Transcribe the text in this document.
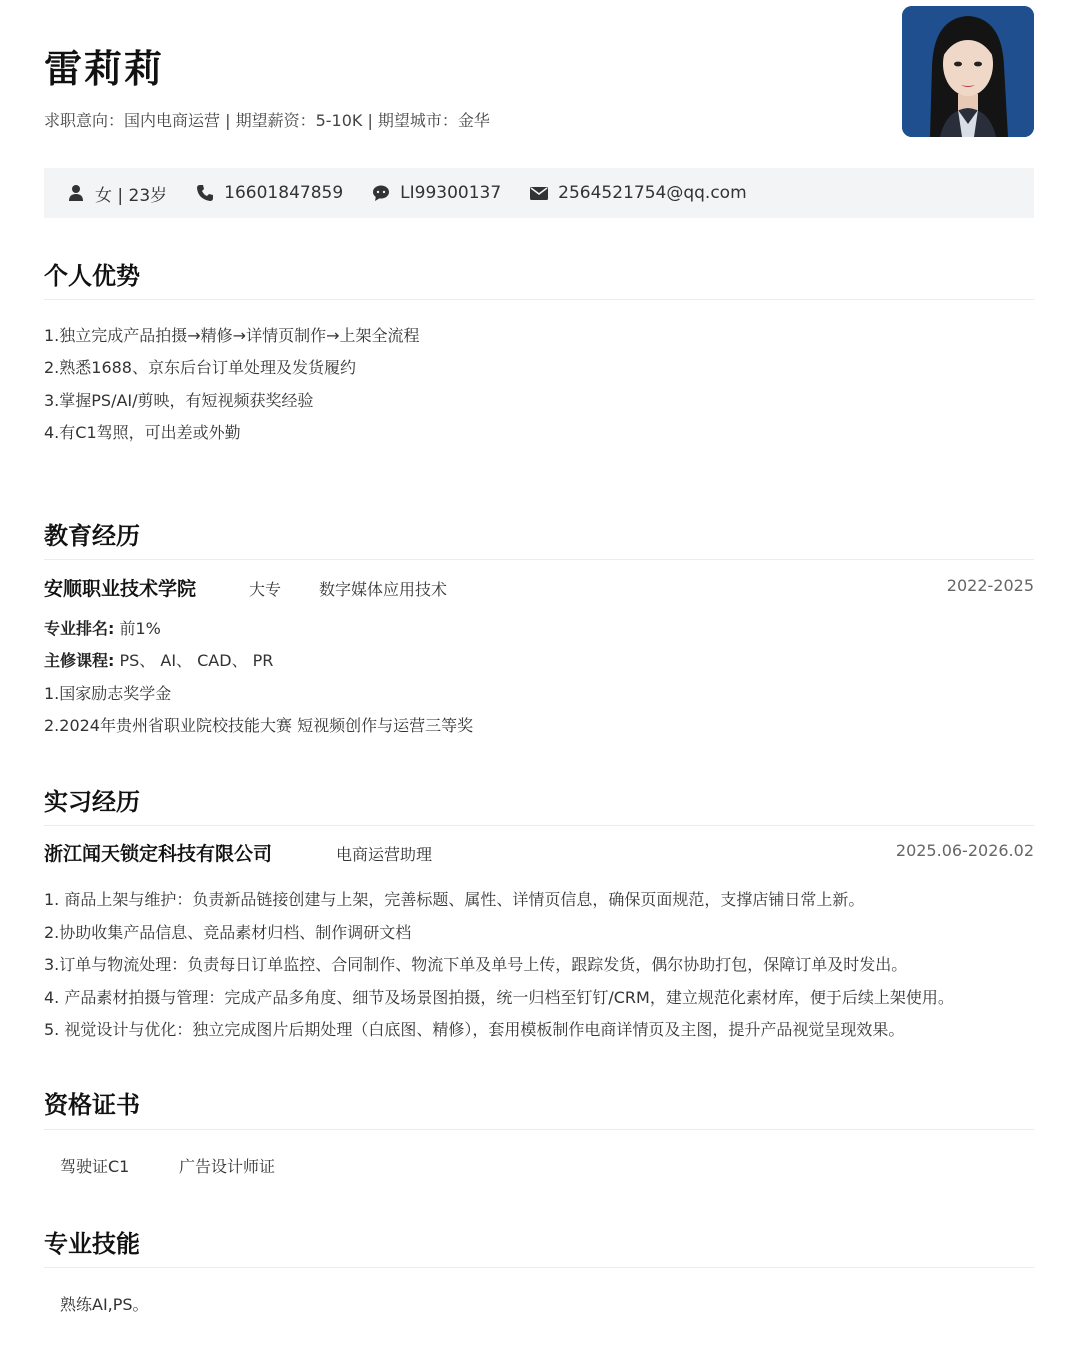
雷莉莉
求职意向：国内电商运营 | 期望薪资：5-10K | 期望城市：金华
女 | 23岁	16601847859	LI99300137	2564521754@qq.com
个人优势
1.独立完成产品拍摄→精修→详情页制作→上架全流程
2.熟悉1688、京东后台订单处理及发货履约
3.掌握PS/AI/剪映，有短视频获奖经验
4.有C1驾照，可出差或外勤
教育经历
安顺职业技术学院	大专 数字媒体应用技术	2022-2025
专业排名: 前1%
主修课程: PS、 AI、 CAD、 PR
1.国家励志奖学金
2.2024年贵州省职业院校技能大赛 短视频创作与运营三等奖
实习经历
浙江闻天锁定科技有限公司	电商运营助理	2025.06-2026.02
1. 商品上架与维护：负责新品链接创建与上架，完善标题、属性、详情页信息，确保页面规范，支撑店铺日常上新。
2.协助收集产品信息、竞品素材归档、制作调研文档
3.订单与物流处理：负责每日订单监控、合同制作、物流下单及单号上传，跟踪发货，偶尔协助打包，保障订单及时发出。
4. 产品素材拍摄与管理：完成产品多角度、细节及场景图拍摄，统一归档至钉钉/CRM，建立规范化素材库，便于后续上架使用。
5. 视觉设计与优化：独立完成图片后期处理（白底图、精修），套用模板制作电商详情页及主图，提升产品视觉呈现效果。
资格证书
驾驶证C1	广告设计师证
专业技能
熟练AI,PS。
